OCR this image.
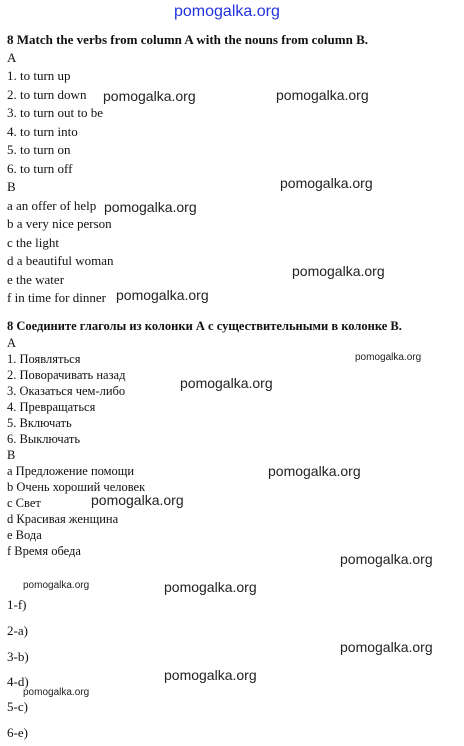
pomogalka.org
8 Match the verbs from column A with the nouns from column B.
A
1. to turn up
2. to turn down
3. to turn out to be
4. to turn into
5. to turn on
6. to turn off
B
a an offer of help
b a very nice person
c the light
d a beautiful woman
e the water
f in time for dinner
8 Соедините глаголы из колонки А с существительными в колонке В.
А
1. Появляться
2. Поворачивать назад
3. Оказаться чем-либо
4. Превращаться
5. Включать
6. Выключать
В
a Предложение помощи
b Очень хороший человек
c Свет
d Красивая женщина
e Вода
f Время обеда
1-f)
2-a)
3-b)
4-d)
5-c)
6-e)
pomogalka.org	pomogalka.org
pomogalka.org
pomogalka.org
pomogalka.org
pomogalka.org
pomogalka.org
pomogalka.org
pomogalka.org
pomogalka.org
pomogalka.org
pomogalka.org	pomogalka.org
pomogalka.org
pomogalka.org
pomogalka.org
